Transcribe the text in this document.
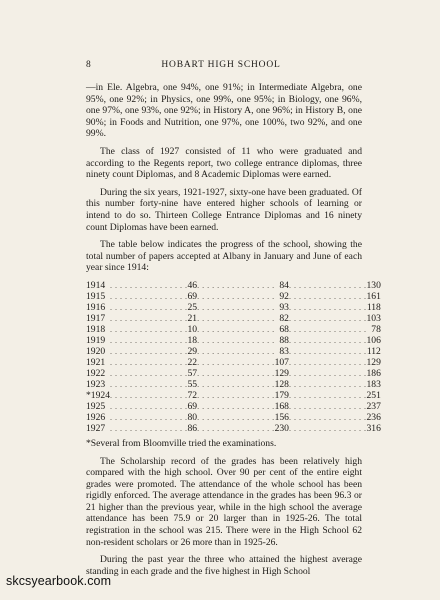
8	HOBART HIGH SCHOOL

—in Ele. Algebra, one 94%, one 91%; in Intermediate Algebra, one 95%, one 92%; in Physics, one 99%, one 95%; in Biology, one 96%, one 97%, one 93%, one 92%; in History A, one 96%; in History B, one 90%; in Foods and Nutrition, one 97%, one 100%, two 92%, and one 99%.

The class of 1927 consisted of 11 who were graduated and according to the Regents report, two college entrance diplomas, three ninety count Diplomas, and 8 Academic Diplomas were earned.

During the six years, 1921-1927, sixty-one have been graduated. Of this number forty-nine have entered higher schools of learning or intend to do so. Thirteen College Entrance Diplomas and 16 ninety count Diplomas have been earned.

The table below indicates the progress of the school, showing the total number of papers accepted at Albany in January and June of each year since 1914:

1914	. . . . . . . . . . . . . . . .	46	. . . . . . . . . . . . . . . .	84	. . . . . . . . . . . . . . . .	130
1915	. . . . . . . . . . . . . . . .	69	. . . . . . . . . . . . . . . .	92	. . . . . . . . . . . . . . . .	161
1916	. . . . . . . . . . . . . . . .	25	. . . . . . . . . . . . . . . .	93	. . . . . . . . . . . . . . . .	118
1917	. . . . . . . . . . . . . . . .	21	. . . . . . . . . . . . . . . .	82	. . . . . . . . . . . . . . . .	103
1918	. . . . . . . . . . . . . . . .	10	. . . . . . . . . . . . . . . .	68	. . . . . . . . . . . . . . . .	78
1919	. . . . . . . . . . . . . . . .	18	. . . . . . . . . . . . . . . .	88	. . . . . . . . . . . . . . . .	106
1920	. . . . . . . . . . . . . . . .	29	. . . . . . . . . . . . . . . .	83	. . . . . . . . . . . . . . . .	112
1921	. . . . . . . . . . . . . . . .	22	. . . . . . . . . . . . . . . .	107	. . . . . . . . . . . . . . . .	129
1922	. . . . . . . . . . . . . . . .	57	. . . . . . . . . . . . . . . .	129	. . . . . . . . . . . . . . . .	186
1923	. . . . . . . . . . . . . . . .	55	. . . . . . . . . . . . . . . .	128	. . . . . . . . . . . . . . . .	183
*1924	. . . . . . . . . . . . . . . .	72	. . . . . . . . . . . . . . . .	179	. . . . . . . . . . . . . . . .	251
1925	. . . . . . . . . . . . . . . .	69	. . . . . . . . . . . . . . . .	168	. . . . . . . . . . . . . . . .	237
1926	. . . . . . . . . . . . . . . .	80	. . . . . . . . . . . . . . . .	156	. . . . . . . . . . . . . . . .	236
1927	. . . . . . . . . . . . . . . .	86	. . . . . . . . . . . . . . . .	230	. . . . . . . . . . . . . . . .	316
*Several from Bloomville tried the examinations.

The Scholarship record of the grades has been relatively high compared with the high school. Over 90 per cent of the entire eight grades were promoted. The attendance of the whole school has been rigidly enforced. The average attendance in the grades has been 96.3 or 21 higher than the previous year, while in the high school the average attendance has been 75.9 or 20 larger than in 1925-26. The total registration in the school was 215. There were in the High School 62 non-resident scholars or 26 more than in 1925-26.

During the past year the three who attained the highest average standing in each grade and the five highest in High School

skcsyearbook.com
